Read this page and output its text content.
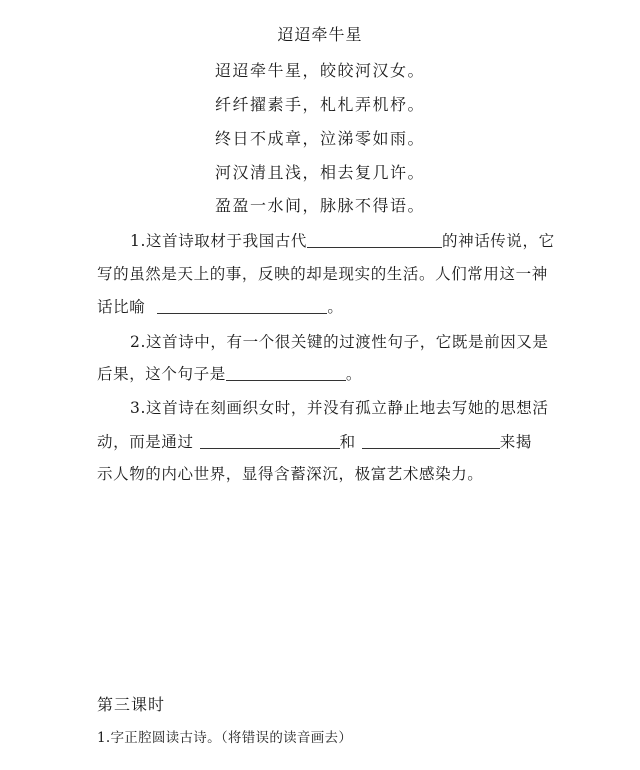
迢迢牵牛星
迢迢牵牛星，皎皎河汉女。
纤纤擢素手，札札弄机杼。
终日不成章，泣涕零如雨。
河汉清且浅，相去复几许。
盈盈一水间，脉脉不得语。
1.这首诗取材于我国古代	的神话传说，它
写的虽然是天上的事，反映的却是现实的生活。人们常用这一神
话比喻	。
2.这首诗中，有一个很关键的过渡性句子，它既是前因又是
后果，这个句子是	。
3.这首诗在刻画织女时，并没有孤立静止地去写她的思想活
动，而是通过	和	来揭
示人物的内心世界，显得含蓄深沉，极富艺术感染力。
第三课时
1.字正腔圆读古诗。（将错误的读音画去）
